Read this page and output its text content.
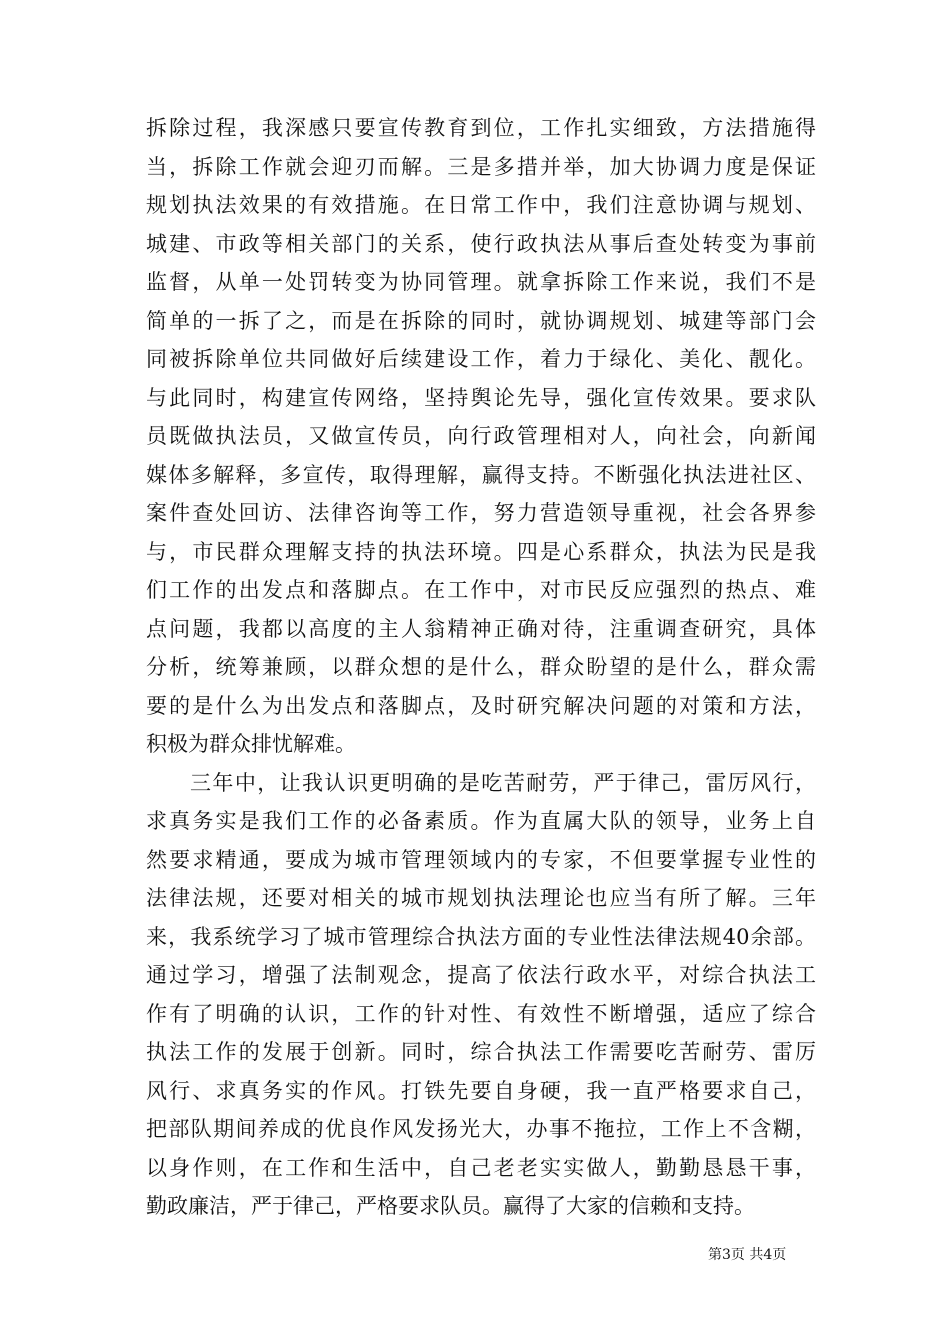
拆除过程，我深感只要宣传教育到位，工作扎实细致，方法措施得
当，拆除工作就会迎刃而解。三是多措并举，加大协调力度是保证
规划执法效果的有效措施。在日常工作中，我们注意协调与规划、
城建、市政等相关部门的关系，使行政执法从事后查处转变为事前
监督，从单一处罚转变为协同管理。就拿拆除工作来说，我们不是
简单的一拆了之，而是在拆除的同时，就协调规划、城建等部门会
同被拆除单位共同做好后续建设工作，着力于绿化、美化、靓化。
与此同时，构建宣传网络，坚持舆论先导，强化宣传效果。要求队
员既做执法员，又做宣传员，向行政管理相对人，向社会，向新闻
媒体多解释，多宣传，取得理解，赢得支持。不断强化执法进社区、
案件查处回访、法律咨询等工作，努力营造领导重视，社会各界参
与，市民群众理解支持的执法环境。四是心系群众，执法为民是我
们工作的出发点和落脚点。在工作中，对市民反应强烈的热点、难
点问题，我都以高度的主人翁精神正确对待，注重调查研究，具体
分析，统筹兼顾，以群众想的是什么，群众盼望的是什么，群众需
要的是什么为出发点和落脚点，及时研究解决问题的对策和方法，
积极为群众排忧解难。
三年中，让我认识更明确的是吃苦耐劳，严于律己，雷厉风行，
求真务实是我们工作的必备素质。作为直属大队的领导，业务上自
然要求精通，要成为城市管理领域内的专家，不但要掌握专业性的
法律法规，还要对相关的城市规划执法理论也应当有所了解。三年
来，我系统学习了城市管理综合执法方面的专业性法律法规40余部。
通过学习，增强了法制观念，提高了依法行政水平，对综合执法工
作有了明确的认识，工作的针对性、有效性不断增强，适应了综合
执法工作的发展于创新。同时，综合执法工作需要吃苦耐劳、雷厉
风行、求真务实的作风。打铁先要自身硬，我一直严格要求自己，
把部队期间养成的优良作风发扬光大，办事不拖拉，工作上不含糊，
以身作则，在工作和生活中，自己老老实实做人，勤勤恳恳干事，
勤政廉洁，严于律己，严格要求队员。赢得了大家的信赖和支持。
第3页 共4页
